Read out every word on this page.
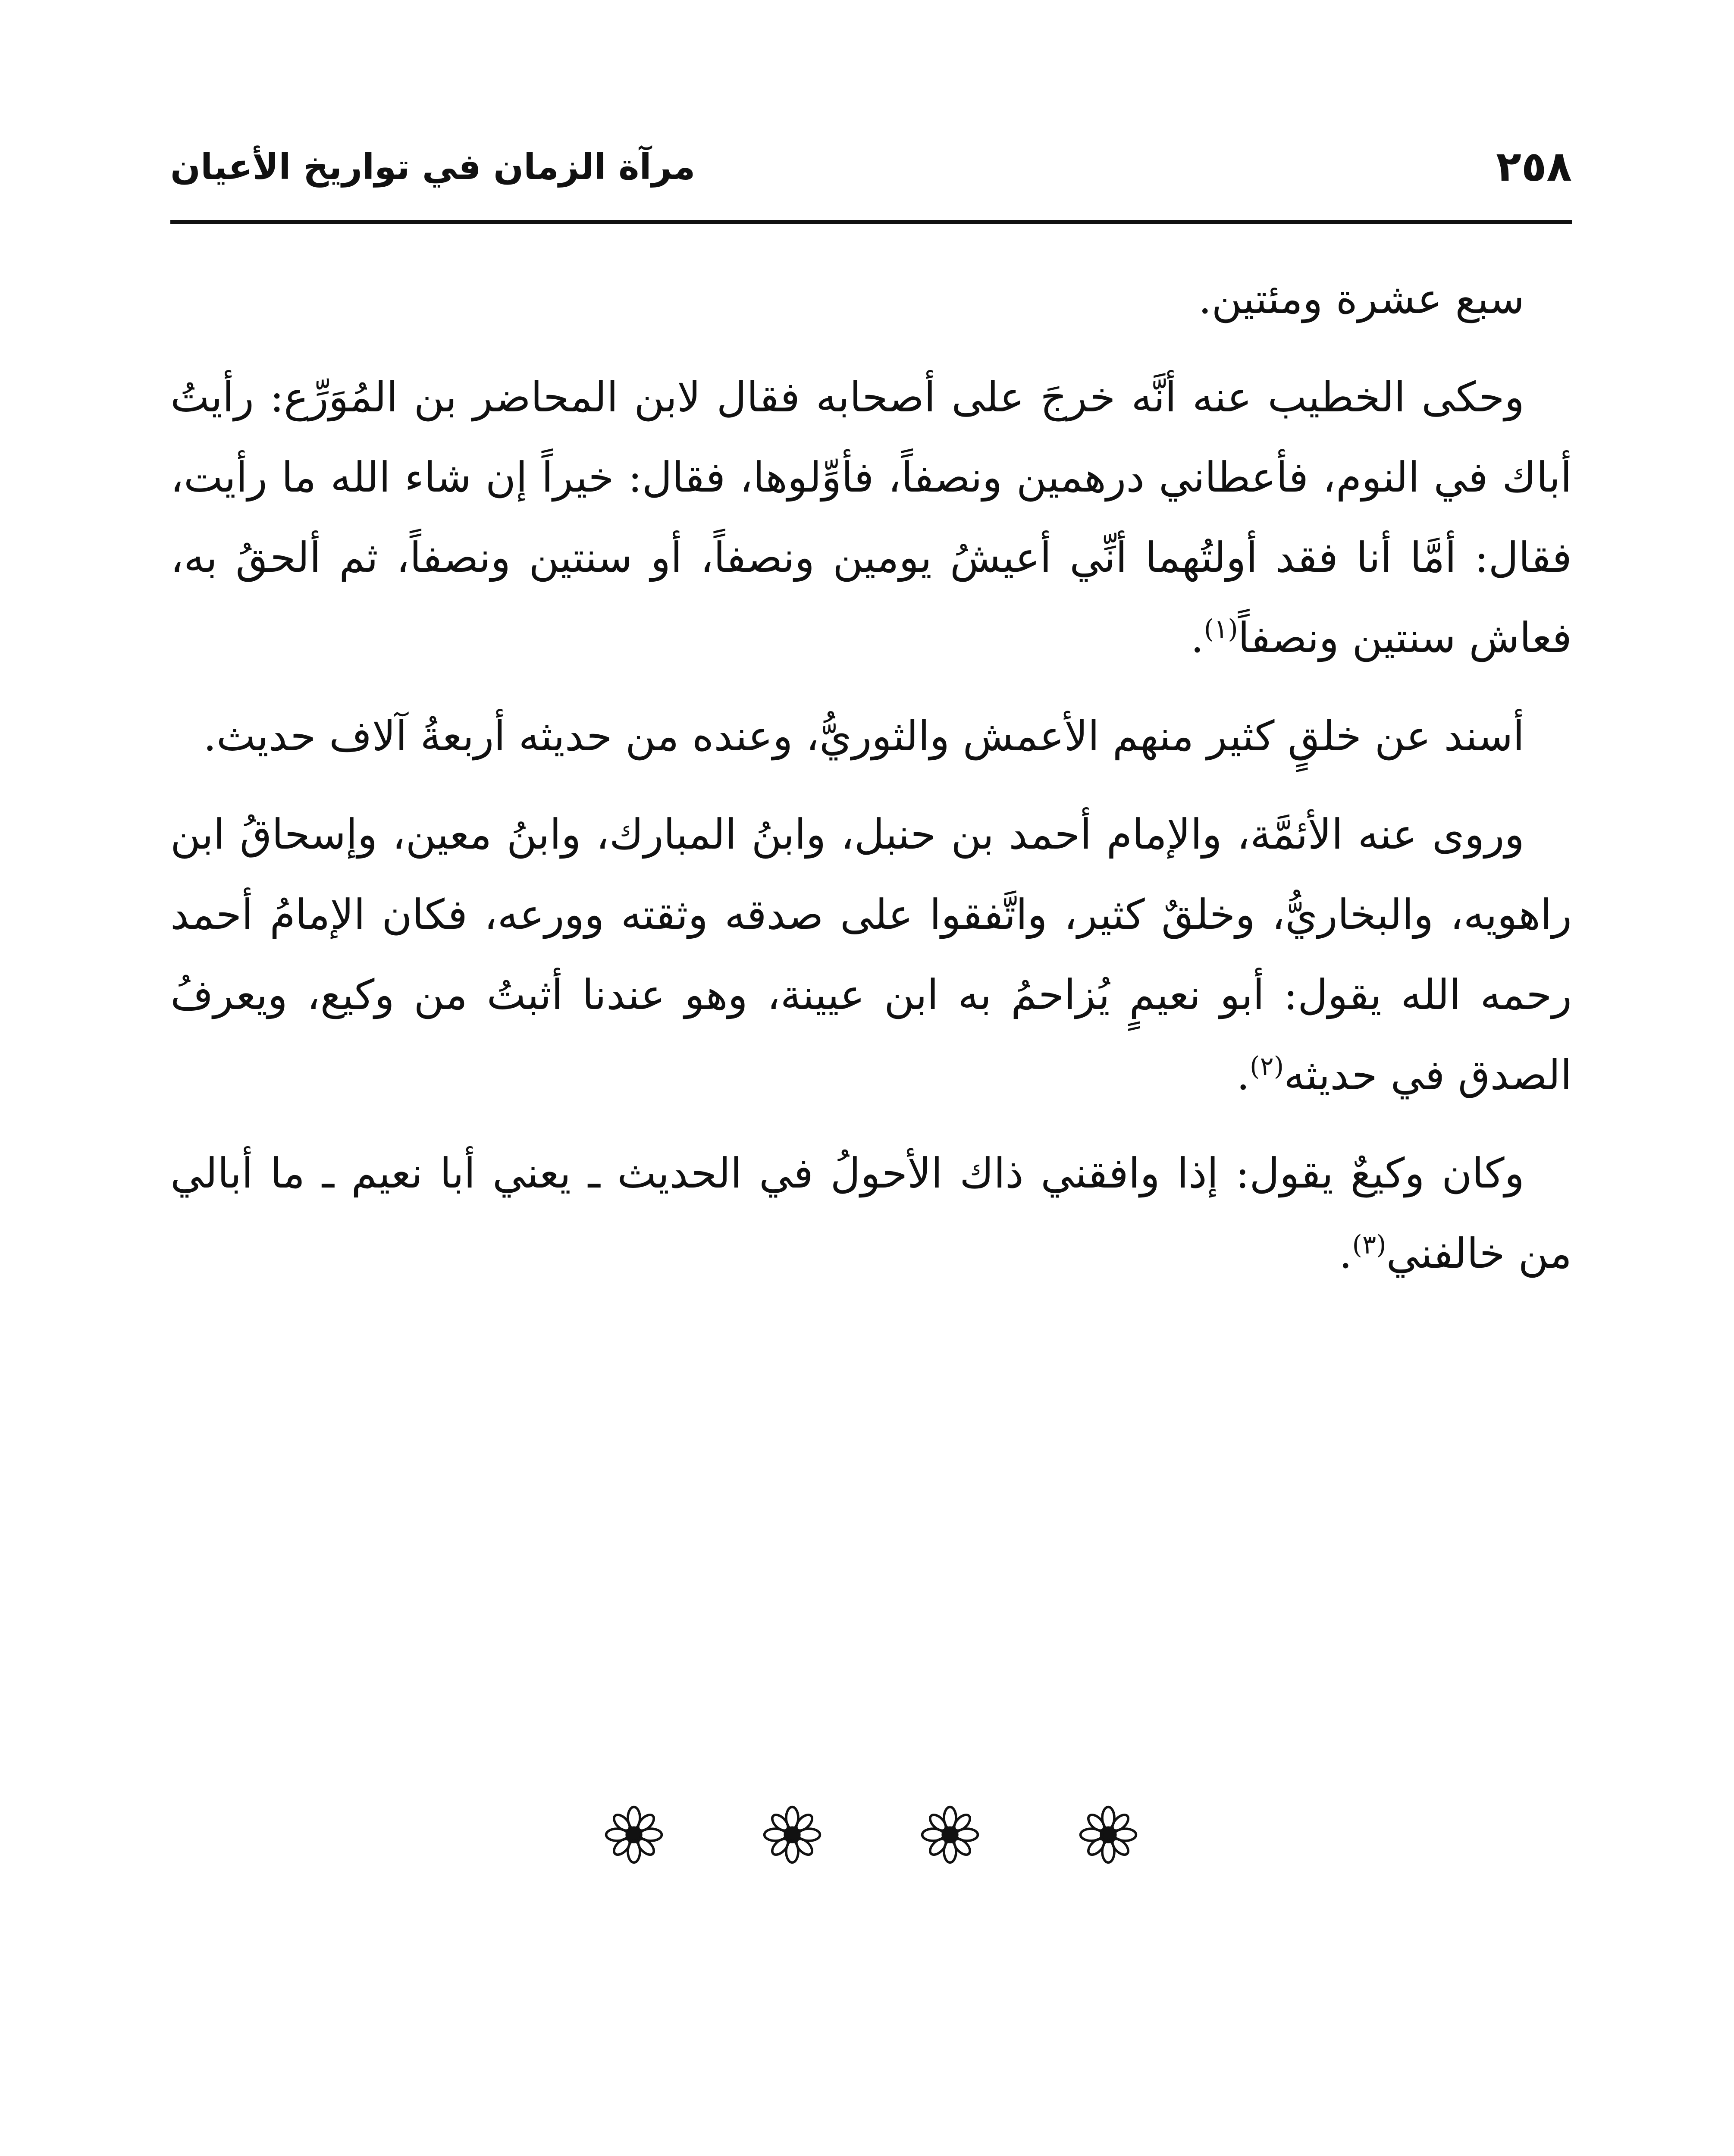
٢٥٨
مرآة الزمان في تواريخ الأعيان

سبع عشرة ومئتين.

وحكى الخطيب عنه أنَّه خرجَ على أصحابه فقال لابن المحاضر بن المُوَرِّع: رأيتُ أباك في النوم، فأعطاني درهمين ونصفاً، فأوِّلوها، فقال: خيراً إن شاء الله ما رأيت، فقال: أمَّا أنا فقد أولتُهما أنِّي أعيشُ يومين ونصفاً، أو سنتين ونصفاً، ثم ألحقُ به، فعاش سنتين ونصفاً$^{(١)}$.

أسند عن خلقٍ كثير منهم الأعمش والثوريُّ، وعنده من حديثه أربعةُ آلاف حديث.

وروى عنه الأئمَّة، والإمام أحمد بن حنبل، وابنُ المبارك، وابنُ معين، وإسحاقُ ابن راهويه، والبخاريُّ، وخلقٌ كثير، واتَّفقوا على صدقه وثقته وورعه، فكان الإمامُ أحمد رحمه الله يقول: أبو نعيمٍ يُزاحمُ به ابن عيينة، وهو عندنا أثبتُ من وكيع، ويعرفُ الصدق في حديثه$^{(٢)}$.

وكان وكيعٌ يقول: إذا وافقني ذاك الأحولُ في الحديث ـ يعني أبا نعيم ـ ما أبالي من خالفني$^{(٣)}$.
